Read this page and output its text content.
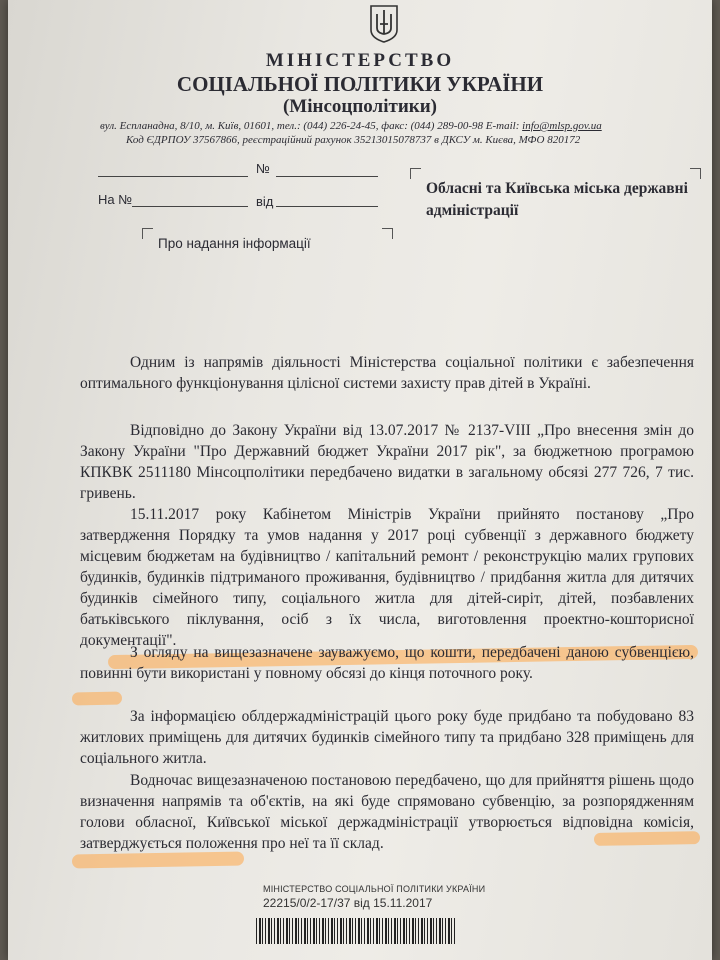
МІНІСТЕРСТВО
СОЦІАЛЬНОЇ ПОЛІТИКИ УКРАЇНИ
(Мінсоцполітики)
вул. Еспланадна, 8/10, м. Київ, 01601, тел.: (044) 226-24-45, факс: (044) 289-00-98 E-mail: info@mlsp.gov.ua
Код ЄДРПОУ 37567866, реєстраційний рахунок 35213015078737 в ДКСУ м. Києва, МФО 820172
№
На №	від
Обласні та Київська міська державні адміністрації
Про надання інформації
Одним із напрямів діяльності Міністерства соціальної політики є забезпечення оптимального функціонування цілісної системи захисту прав дітей в Україні.
Відповідно до Закону України від 13.07.2017 № 2137-VIII „Про внесення змін до Закону України "Про Державний бюджет України 2017 рік", за бюджетною програмою КПКВК 2511180 Мінсоцполітики передбачено видатки в загальному обсязі 277 726, 7 тис. гривень.
15.11.2017 року Кабінетом Міністрів України прийнято постанову „Про затвердження Порядку та умов надання у 2017 році субвенції з державного бюджету місцевим бюджетам на будівництво / капітальний ремонт / реконструкцію малих групових будинків, будинків підтриманого проживання, будівництво / придбання житла для дитячих будинків сімейного типу, соціального житла для дітей-сиріт, дітей, позбавлених батьківського піклування, осіб з їх числа, виготовлення проектно-кошторисної документації".
З огляду на вищезазначене зауважуємо, що кошти, передбачені даною субвенцією, повинні бути використані у повному обсязі до кінця поточного року.
За інформацією облдержадміністрацій цього року буде придбано та побудовано 83 житлових приміщень для дитячих будинків сімейного типу та придбано 328 приміщень для соціального житла.
Водночас вищезазначеною постановою передбачено, що для прийняття рішень щодо визначення напрямів та об'єктів, на які буде спрямовано субвенцію, за розпорядженням голови обласної, Київської міської держадміністрації утворюється відповідна комісія, затверджується положення про неї та її склад.
МІНІСТЕРСТВО СОЦІАЛЬНОЇ ПОЛІТИКИ УКРАЇНИ
22215/0/2-17/37 від 15.11.2017
